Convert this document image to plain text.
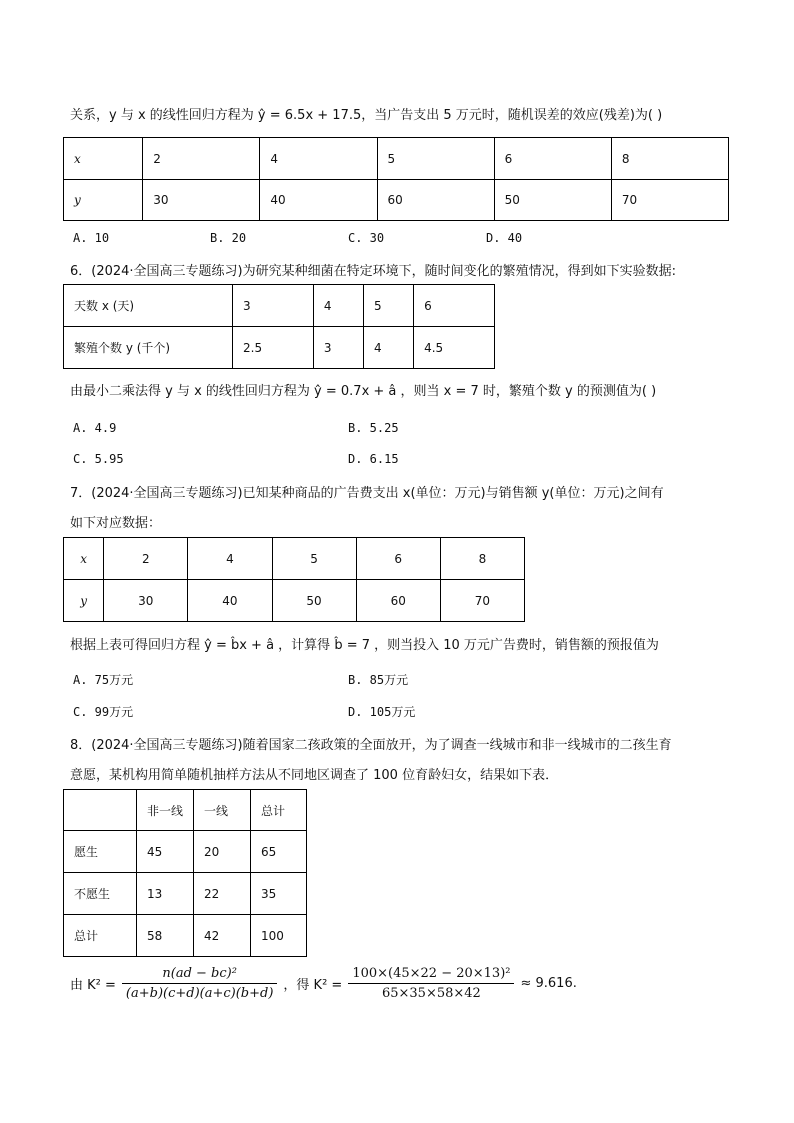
关系，y 与 x 的线性回归方程为 ŷ = 6.5x + 17.5，当广告支出 5 万元时，随机误差的效应(残差)为( )
x	2	4	5	6	8
y	30	40	60	50	70
A. 10	B. 20	C. 30	D. 40
6．(2024·全国高三专题练习)为研究某种细菌在特定环境下，随时间变化的繁殖情况，得到如下实验数据:
天数 x (天)	3	4	5	6
繁殖个数 y (千个)	2.5	3	4	4.5
由最小二乘法得 y 与 x 的线性回归方程为 ŷ = 0.7x + â ，则当 x = 7 时，繁殖个数 y 的预测值为( )
A. 4.9	B. 5.25
C. 5.95	D. 6.15
7．(2024·全国高三专题练习)已知某种商品的广告费支出 x(单位：万元)与销售额 y(单位：万元)之间有
如下对应数据：
x	2	4	5	6	8
y	30	40	50	60	70
根据上表可得回归方程 ŷ = b̂x + â ，计算得 b̂ = 7 ，则当投入 10 万元广告费时，销售额的预报值为
A. 75万元	B. 85万元
C. 99万元	D. 105万元
8．(2024·全国高三专题练习)随着国家二孩政策的全面放开，为了调查一线城市和非一线城市的二孩生育
意愿，某机构用简单随机抽样方法从不同地区调查了 100 位育龄妇女，结果如下表．
	非一线	一线	总计
愿生	45	20	65
不愿生	13	22	35
总计	58	42	100
由 $K^2 = \frac{\text{n(ad − bc)²}}{(a+b)(c+d)(a+c)(b+d)}$ ，得 $K^2 = \frac{\text{100×(45×22 − 20×13)²}}{65\times 35\times 58\times 42} \approx 9.616$.
